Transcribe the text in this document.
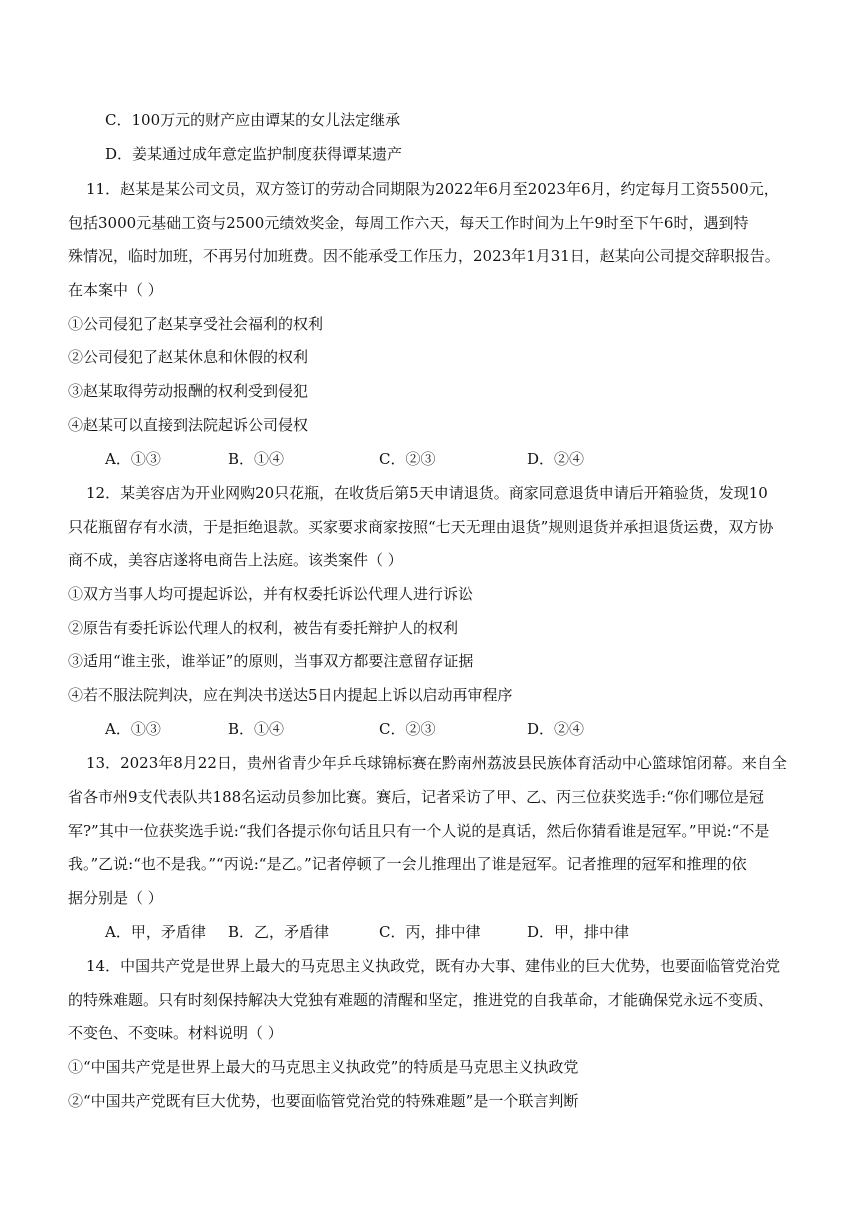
C．100万元的财产应由谭某的女儿法定继承
D．姜某通过成年意定监护制度获得谭某遗产
11．赵某是某公司文员，双方签订的劳动合同期限为2022年6月至2023年6月，约定每月工资5500元，
包括3000元基础工资与2500元绩效奖金，每周工作六天，每天工作时间为上午9时至下午6时，遇到特
殊情况，临时加班，不再另付加班费。因不能承受工作压力，2023年1月31日，赵某向公司提交辞职报告。
在本案中（ ）
①公司侵犯了赵某享受社会福利的权利
②公司侵犯了赵某休息和休假的权利
③赵某取得劳动报酬的权利受到侵犯
④赵某可以直接到法院起诉公司侵权
A．①③	B．①④	C．②③	D．②④
12．某美容店为开业网购20只花瓶，在收货后第5天申请退货。商家同意退货申请后开箱验货，发现10
只花瓶留存有水渍，于是拒绝退款。买家要求商家按照“七天无理由退货”规则退货并承担退货运费，双方协
商不成，美容店遂将电商告上法庭。该类案件（ ）
①双方当事人均可提起诉讼，并有权委托诉讼代理人进行诉讼
②原告有委托诉讼代理人的权利，被告有委托辩护人的权利
③适用“谁主张，谁举证”的原则，当事双方都要注意留存证据
④若不服法院判决，应在判决书送达5日内提起上诉以启动再审程序
A．①③	B．①④	C．②③	D．②④
13．2023年8月22日，贵州省青少年乒乓球锦标赛在黔南州荔波县民族体育活动中心篮球馆闭幕。来自全
省各市州9支代表队共188名运动员参加比赛。赛后，记者采访了甲、乙、丙三位获奖选手:“你们哪位是冠
军?”其中一位获奖选手说:“我们各提示你句话且只有一个人说的是真话，然后你猜看谁是冠军。”甲说:“不是
我。”乙说:“也不是我。”“丙说:“是乙。”记者停顿了一会儿推理出了谁是冠军。记者推理的冠军和推理的依
据分别是（ ）
A．甲，矛盾律 B．乙，矛盾律	C．丙，排中律	D．甲，排中律
14．中国共产党是世界上最大的马克思主义执政党，既有办大事、建伟业的巨大优势，也要面临管党治党
的特殊难题。只有时刻保持解决大党独有难题的清醒和坚定，推进党的自我革命，才能确保党永远不变质、
不变色、不变味。材料说明（ ）
①“中国共产党是世界上最大的马克思主义执政党”的特质是马克思主义执政党
②“中国共产党既有巨大优势，也要面临管党治党的特殊难题”是一个联言判断
